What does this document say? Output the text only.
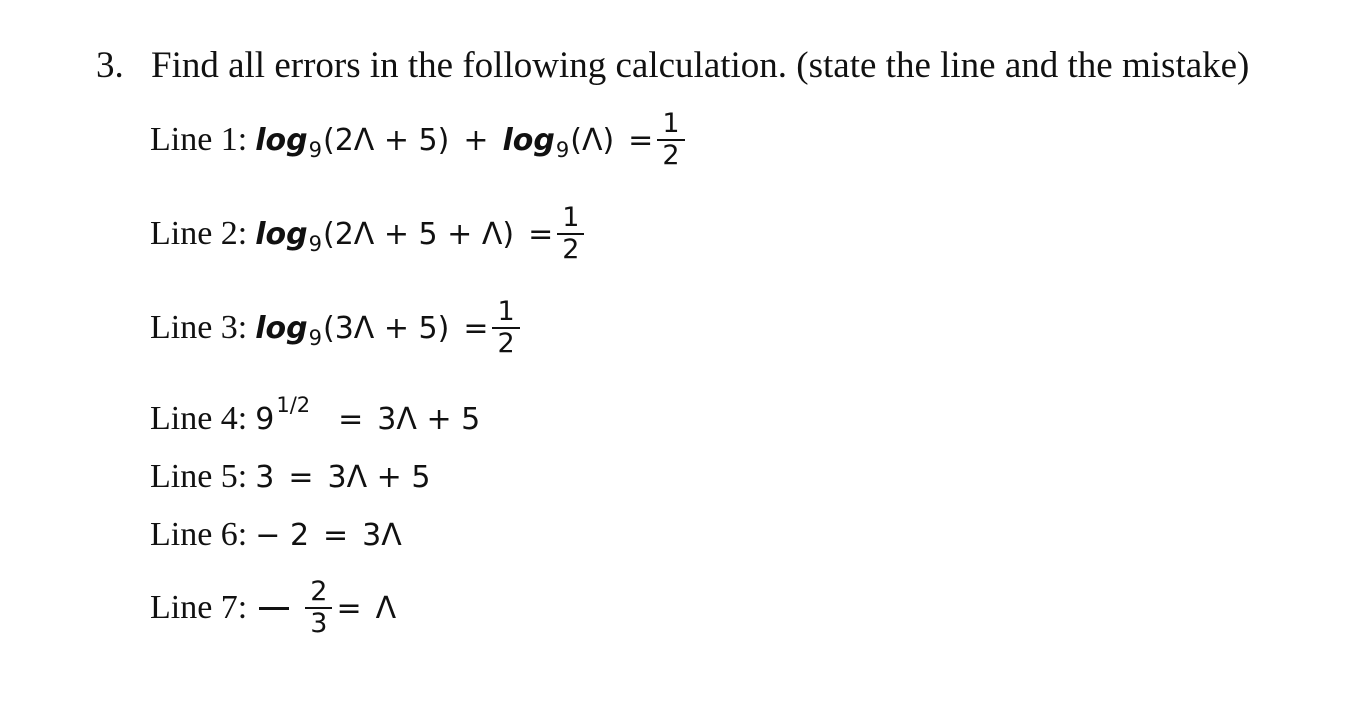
3. Find all errors in the following calculation. (state the line and the mistake)
Line 1: log 9 (2Λ + 5) + log 9 $(\Lambda) = \frac{1}{2}$
Line 2: log 9 $(2\Lambda + 5 + \Lambda) = \frac{1}{2}$
Line 3: log 9 $(3\Lambda + 5) = \frac{1}{2}$
Line 4: 9 1/2 = 3Λ + 5
Line 5: 3 = 3Λ + 5
Line 6: − 2 = 3Λ
Line 7: $\frac{2}{3} = \Lambda$
